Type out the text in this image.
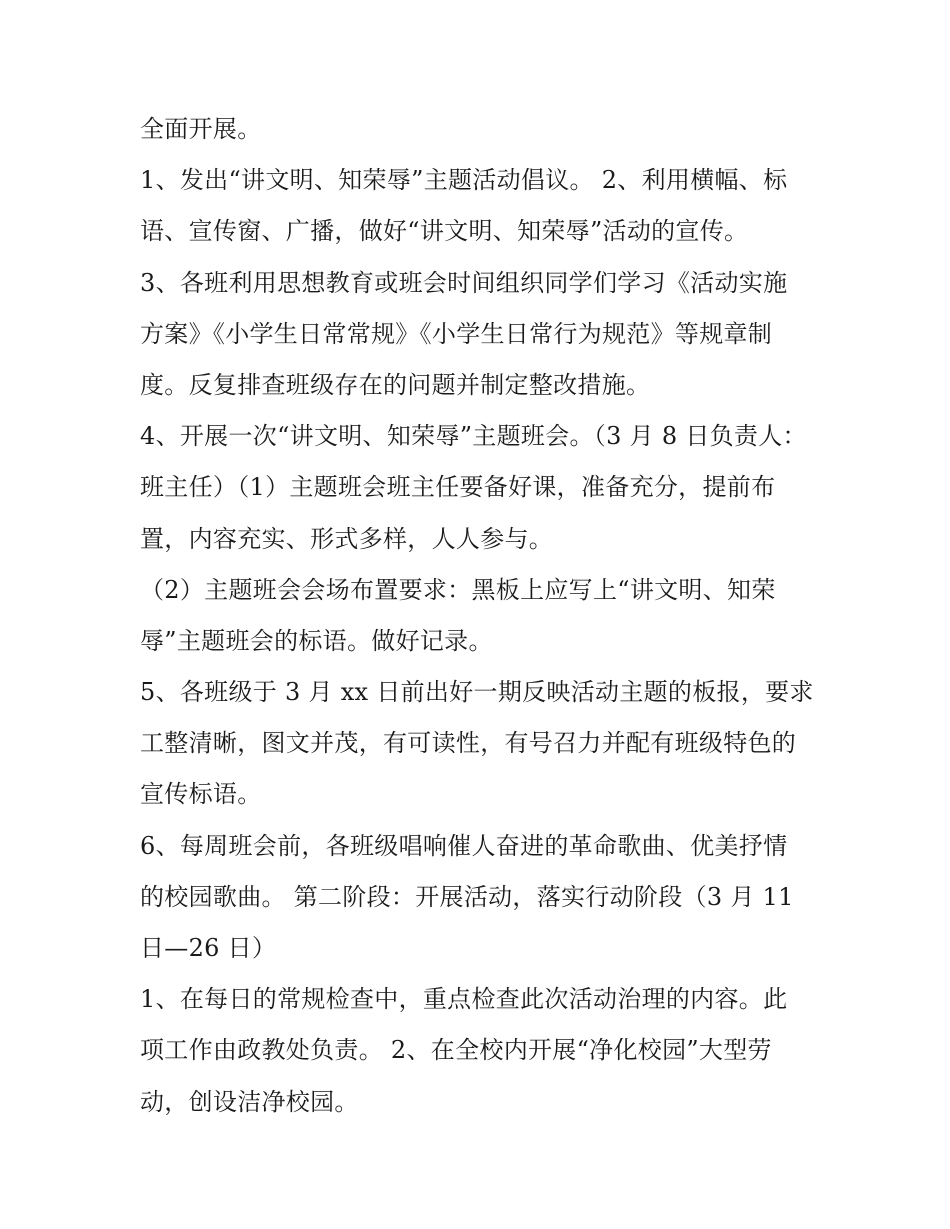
全面开展。
1、发出“讲文明、知荣辱”主题活动倡议。 2、利用横幅、标
语、宣传窗、广播，做好“讲文明、知荣辱”活动的宣传。
3、各班利用思想教育或班会时间组织同学们学习《活动实施
方案》《小学生日常常规》《小学生日常行为规范》等规章制
度。反复排查班级存在的问题并制定整改措施。
4、开展一次“讲文明、知荣辱”主题班会。（3 月 8 日负责人：
班主任）（1）主题班会班主任要备好课，准备充分，提前布
置，内容充实、形式多样，人人参与。
（2）主题班会会场布置要求：黑板上应写上“讲文明、知荣
辱”主题班会的标语。做好记录。
5、各班级于 3 月 xx 日前出好一期反映活动主题的板报，要求
工整清晰，图文并茂，有可读性，有号召力并配有班级特色的
宣传标语。
6、每周班会前，各班级唱响催人奋进的革命歌曲、优美抒情
的校园歌曲。 第二阶段：开展活动，落实行动阶段（3 月 11
日—26 日）
1、在每日的常规检查中，重点检查此次活动治理的内容。此
项工作由政教处负责。 2、在全校内开展“净化校园”大型劳
动，创设洁净校园。
